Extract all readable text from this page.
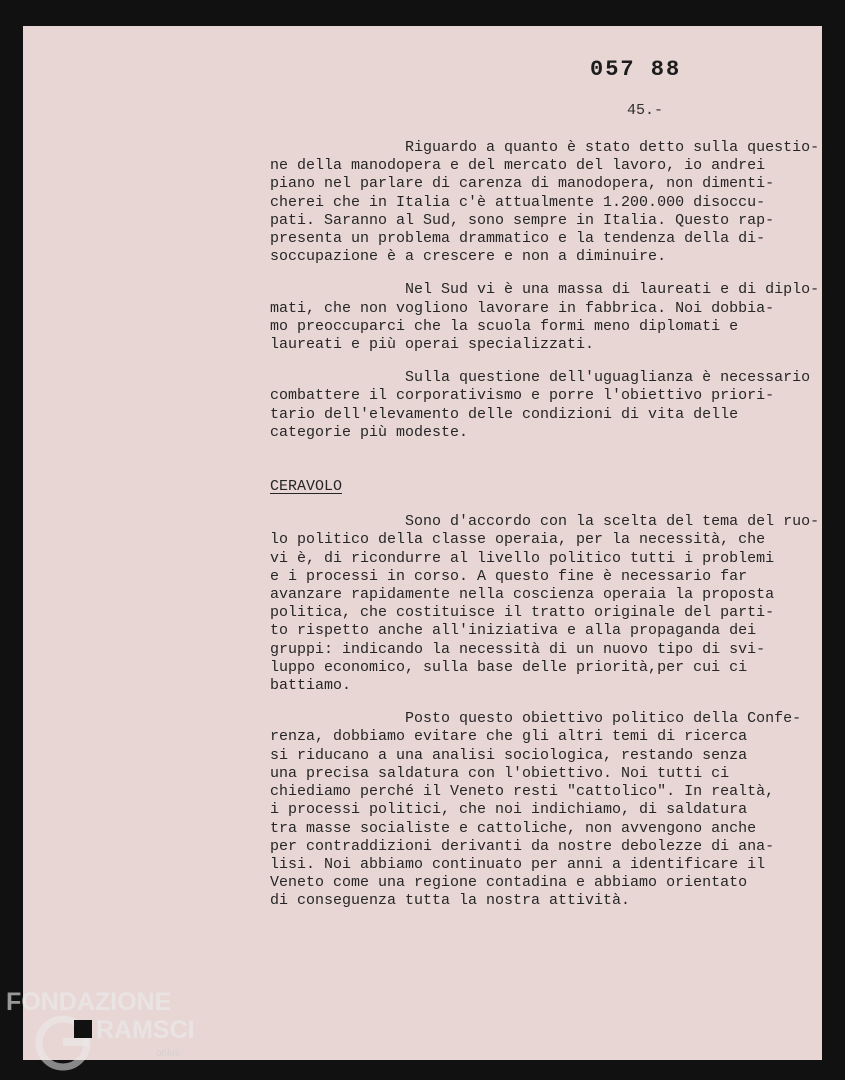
057 88
45.-
Riguardo a quanto è stato detto sulla questio-
ne della manodopera e del mercato del lavoro, io andrei
piano nel parlare di carenza di manodopera, non dimenti-
cherei che in Italia c'è attualmente 1.200.000 disoccu-
pati. Saranno al Sud, sono sempre in Italia. Questo rap-
presenta un problema drammatico e la tendenza della di-
soccupazione è a crescere e non a diminuire.
Nel Sud vi è una massa di laureati e di diplo-
mati, che non vogliono lavorare in fabbrica. Noi dobbia-
mo preoccuparci che la scuola formi meno diplomati e
laureati e più operai specializzati.
Sulla questione dell'uguaglianza è necessario
combattere il corporativismo e porre l'obiettivo priori-
tario dell'elevamento delle condizioni di vita delle
categorie più modeste.
CERAVOLO
Sono d'accordo con la scelta del tema del ruo-
lo politico della classe operaia, per la necessità, che
vi è, di ricondurre al livello politico tutti i problemi
e i processi in corso. A questo fine è necessario far
avanzare rapidamente nella coscienza operaia la proposta
politica, che costituisce il tratto originale del parti-
to rispetto anche all'iniziativa e alla propaganda dei
gruppi: indicando la necessità di un nuovo tipo di svi-
luppo economico, sulla base delle priorità,per cui ci
battiamo.
Posto questo obiettivo politico della Confe-
renza, dobbiamo evitare che gli altri temi di ricerca
si riducano a una analisi sociologica, restando senza
una precisa saldatura con l'obiettivo. Noi tutti ci
chiediamo perché il Veneto resti "cattolico". In realtà,
i processi politici, che noi indichiamo, di saldatura
tra masse socialiste e cattoliche, non avvengono anche
per contraddizioni derivanti da nostre debolezze di ana-
lisi. Noi abbiamo continuato per anni a identificare il
Veneto come una regione contadina e abbiamo orientato
di conseguenza tutta la nostra attività.
FONDAZIONE
RAMSCI
onlus
